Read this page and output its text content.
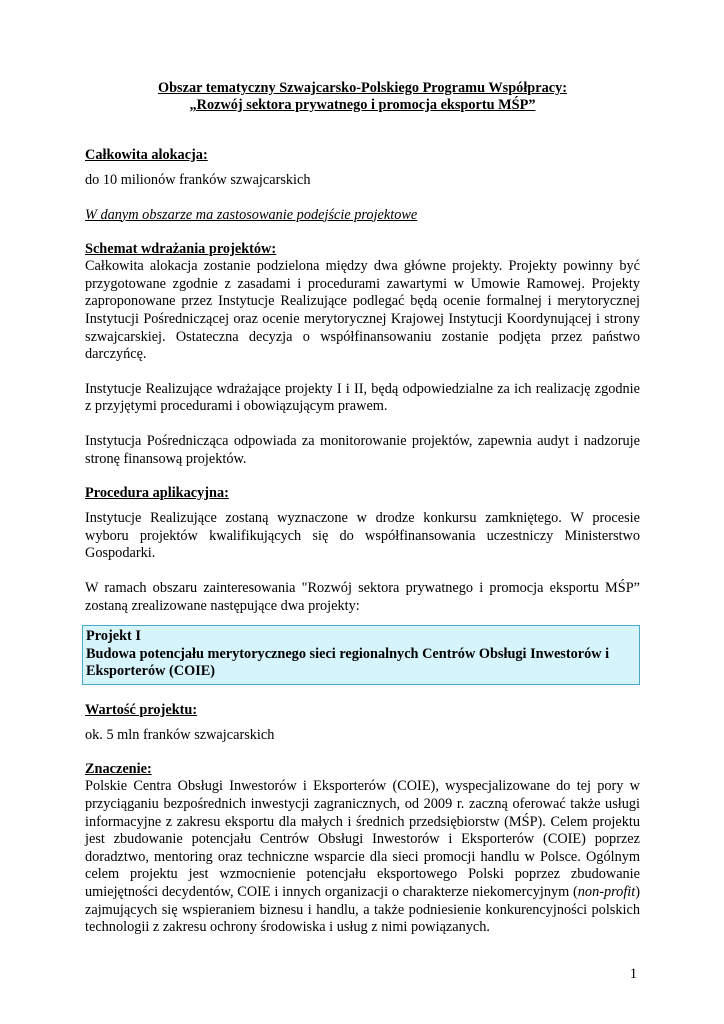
Obszar tematyczny Szwajcarsko-Polskiego Programu Współpracy:
„Rozwój sektora prywatnego i promocja eksportu MŚP”
Całkowita alokacja:

do 10 milionów franków szwajcarskich

W danym obszarze ma zastosowanie podejście projektowe

Schemat wdrażania projektów:

Całkowita alokacja zostanie podzielona między dwa główne projekty. Projekty powinny być przygotowane zgodnie z zasadami i procedurami zawartymi w Umowie Ramowej. Projekty zaproponowane przez Instytucje Realizujące podlegać będą ocenie formalnej i merytorycznej Instytucji Pośredniczącej oraz ocenie merytorycznej Krajowej Instytucji Koordynującej i strony szwajcarskiej. Ostateczna decyzja o współfinansowaniu zostanie podjęta przez państwo darczyńcę.

Instytucje Realizujące wdrażające projekty I i II, będą odpowiedzialne za ich realizację zgodnie z przyjętymi procedurami i obowiązującym prawem.

Instytucja Pośrednicząca odpowiada za monitorowanie projektów, zapewnia audyt i nadzoruje stronę finansową projektów.

Procedura aplikacyjna:

Instytucje Realizujące zostaną wyznaczone w drodze konkursu zamkniętego. W procesie wyboru projektów kwalifikujących się do współfinansowania uczestniczy Ministerstwo Gospodarki.

W ramach obszaru zainteresowania "Rozwój sektora prywatnego i promocja eksportu MŚP” zostaną zrealizowane następujące dwa projekty:

Projekt I
Budowa potencjału merytorycznego sieci regionalnych Centrów Obsługi Inwestorów i Eksporterów (COIE)
Wartość projektu:

ok. 5 mln franków szwajcarskich

Znaczenie:

Polskie Centra Obsługi Inwestorów i Eksporterów (COIE), wyspecjalizowane do tej pory w przyciąganiu bezpośrednich inwestycji zagranicznych, od 2009 r. zaczną oferować także usługi informacyjne z zakresu eksportu dla małych i średnich przedsiębiorstw (MŚP). Celem projektu jest zbudowanie potencjału Centrów Obsługi Inwestorów i Eksporterów (COIE) poprzez doradztwo, mentoring oraz techniczne wsparcie dla sieci promocji handlu w Polsce. Ogólnym celem projektu jest wzmocnienie potencjału eksportowego Polski poprzez zbudowanie umiejętności decydentów, COIE i innych organizacji o charakterze niekomercyjnym (non-profit) zajmujących się wspieraniem biznesu i handlu, a także podniesienie konkurencyjności polskich technologii z zakresu ochrony środowiska i usług z nimi powiązanych.

1
